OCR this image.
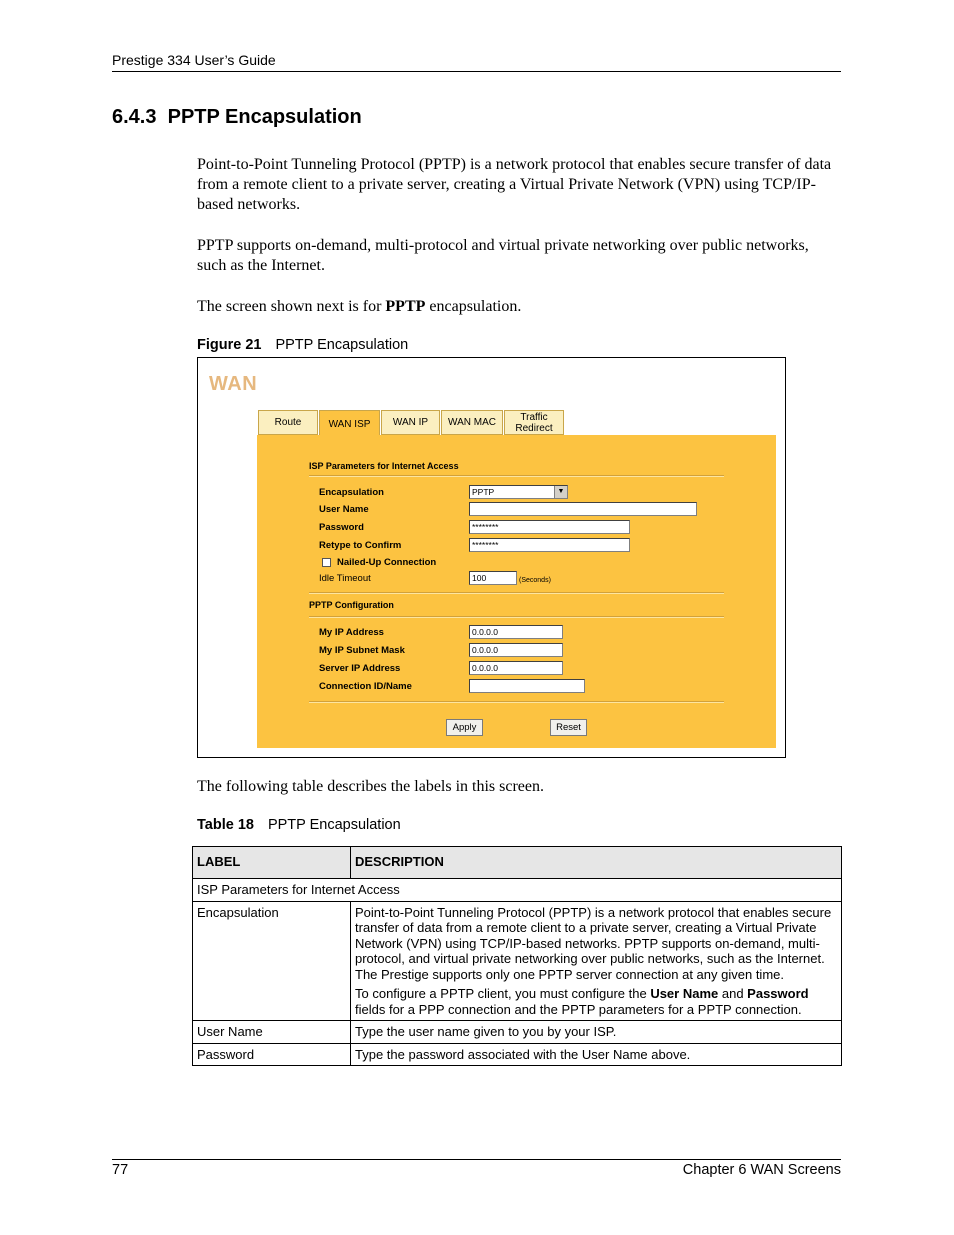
Prestige 334 User’s Guide
6.4.3 PPTP Encapsulation
Point-to-Point Tunneling Protocol (PPTP) is a network protocol that enables secure transfer of data from a remote client to a private server, creating a Virtual Private Network (VPN) using TCP/IP-based networks.
PPTP supports on-demand, multi-protocol and virtual private networking over public networks, such as the Internet.
The screen shown next is for PPTP encapsulation.
Figure 21 PPTP Encapsulation
WAN
Route	WAN ISP	WAN IP	WAN MAC	Traffic Redirect
ISP Parameters for Internet Access
Encapsulation	PPTP	▼
User Name
Password	********
Retype to Confirm	********
Nailed-Up Connection
Idle Timeout	100	(Seconds)
PPTP Configuration
My IP Address	0.0.0.0
My IP Subnet Mask	0.0.0.0
Server IP Address	0.0.0.0
Connection ID/Name
Apply	Reset
The following table describes the labels in this screen.
Table 18 PPTP Encapsulation
LABEL	DESCRIPTION
ISP Parameters for Internet Access	
Encapsulation	Point-to-Point Tunneling Protocol (PPTP) is a network protocol that enables secure transfer of data from a remote client to a private server, creating a Virtual Private Network (VPN) using TCP/IP-based networks. PPTP supports on-demand, multi-protocol, and virtual private networking over public networks, such as the Internet. The Prestige supports only one PPTP server connection at any given time.

To configure a PPTP client, you must configure the User Name and Password fields for a PPP connection and the PPTP parameters for a PPTP connection.

User Name	Type the user name given to you by your ISP.
Password	Type the password associated with the User Name above.
77	Chapter 6 WAN Screens
